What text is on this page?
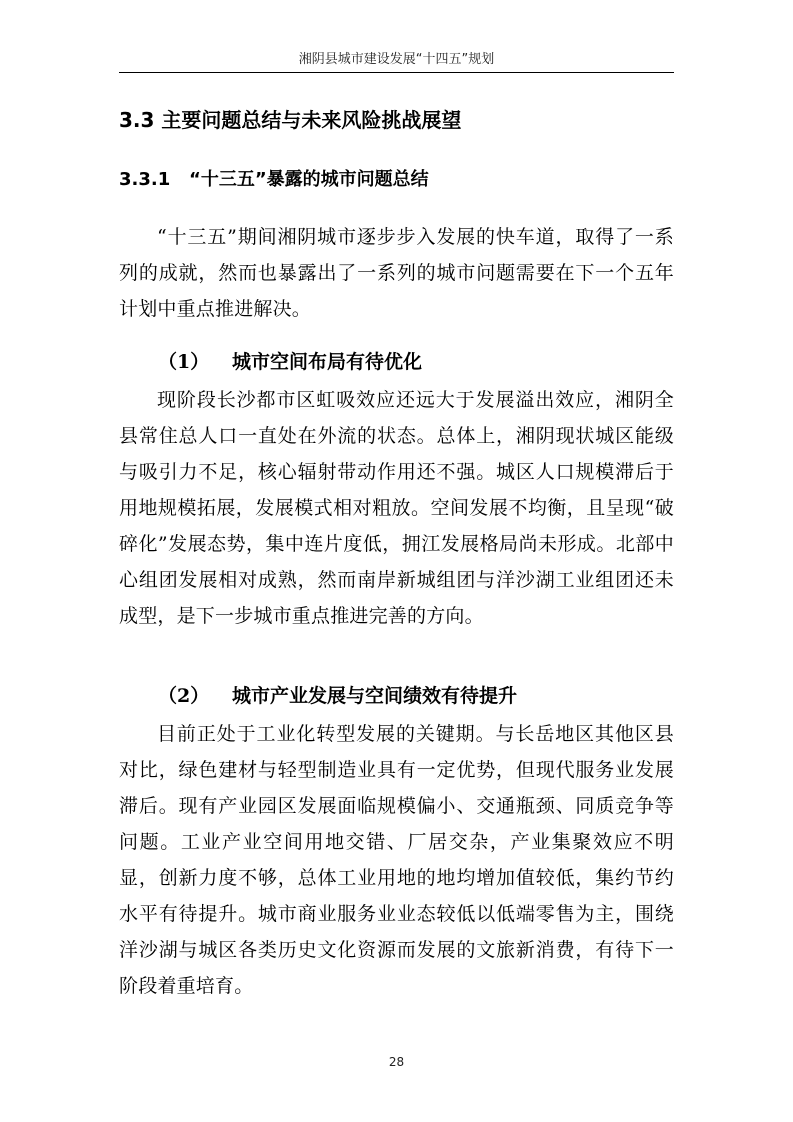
湘阴县城市建设发展“十四五”规划
3.3 主要问题总结与未来风险挑战展望
3.3.1 “十三五”暴露的城市问题总结

“十三五”期间湘阴城市逐步步入发展的快车道，取得了一系列的成就，然而也暴露出了一系列的城市问题需要在下一个五年计划中重点推进解决。

（1） 城市空间布局有待优化

现阶段长沙都市区虹吸效应还远大于发展溢出效应，湘阴全县常住总人口一直处在外流的状态。总体上，湘阴现状城区能级与吸引力不足，核心辐射带动作用还不强。城区人口规模滞后于用地规模拓展，发展模式相对粗放。空间发展不均衡，且呈现“破碎化”发展态势，集中连片度低，拥江发展格局尚未形成。北部中心组团发展相对成熟，然而南岸新城组团与洋沙湖工业组团还未成型，是下一步城市重点推进完善的方向。

（2） 城市产业发展与空间绩效有待提升

目前正处于工业化转型发展的关键期。与长岳地区其他区县对比，绿色建材与轻型制造业具有一定优势，但现代服务业发展滞后。现有产业园区发展面临规模偏小、交通瓶颈、同质竞争等问题。工业产业空间用地交错、厂居交杂，产业集聚效应不明显，创新力度不够，总体工业用地的地均增加值较低，集约节约水平有待提升。城市商业服务业业态较低以低端零售为主，围绕洋沙湖与城区各类历史文化资源而发展的文旅新消费，有待下一阶段着重培育。

28
